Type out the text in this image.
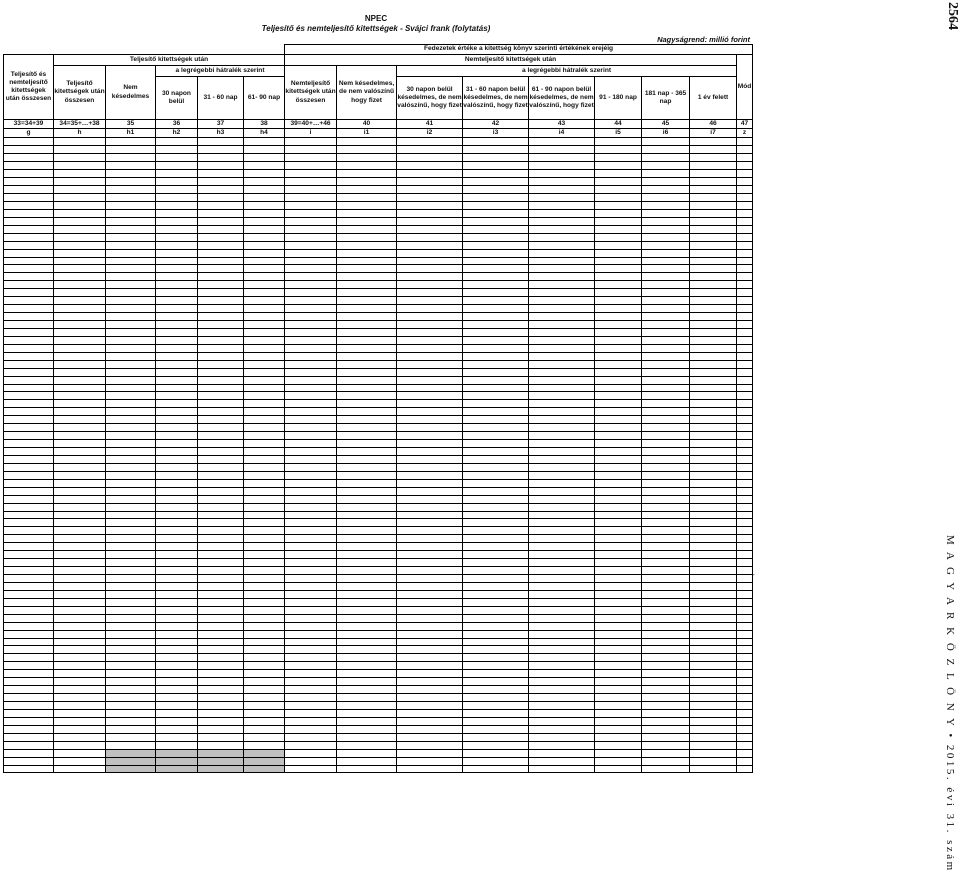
NPEC
Teljesítő és nemteljesítő kitettségek - Svájci frank (folytatás)
Nagyságrend: millió forint
2564
M A G Y A R K Ö Z L Ö N Y • 2015. évi 31. szám
-
						Fedezetek értéke a kitettség könyv szerinti értékének erejéig								
Teljesítő és nemteljesítő kitettségek után összesen	Teljesítő kitettségek után					Nemteljesítő kitettségek után								Mód
	Teljesítő kitettségek után összesen	Nem késedelmes	a legrégebbi hátralék szerint			Nemteljesítő kitettségek után összesen	Nem késedelmes, de nem valószínű hogy fizet	a legrégebbi hátralék szerint						
			30 napon belül	31 - 60 nap	61- 90 nap			30 napon belül késedelmes, de nem valószínű, hogy fizet	31 - 60 napon belül késedelmes, de nem valószínű, hogy fizet	61 - 90 napon belül késedelmes, de nem valószínű, hogy fizet	91 - 180 nap	181 nap - 365 nap	1 év felett	
33=34+39	34=35+…+38	35	36	37	38	39=40+…+46	40	41	42	43	44	45	46	47
g	h	h1	h2	h3	h4	i	i1	i2	i3	i4	i5	i6	i7	z
